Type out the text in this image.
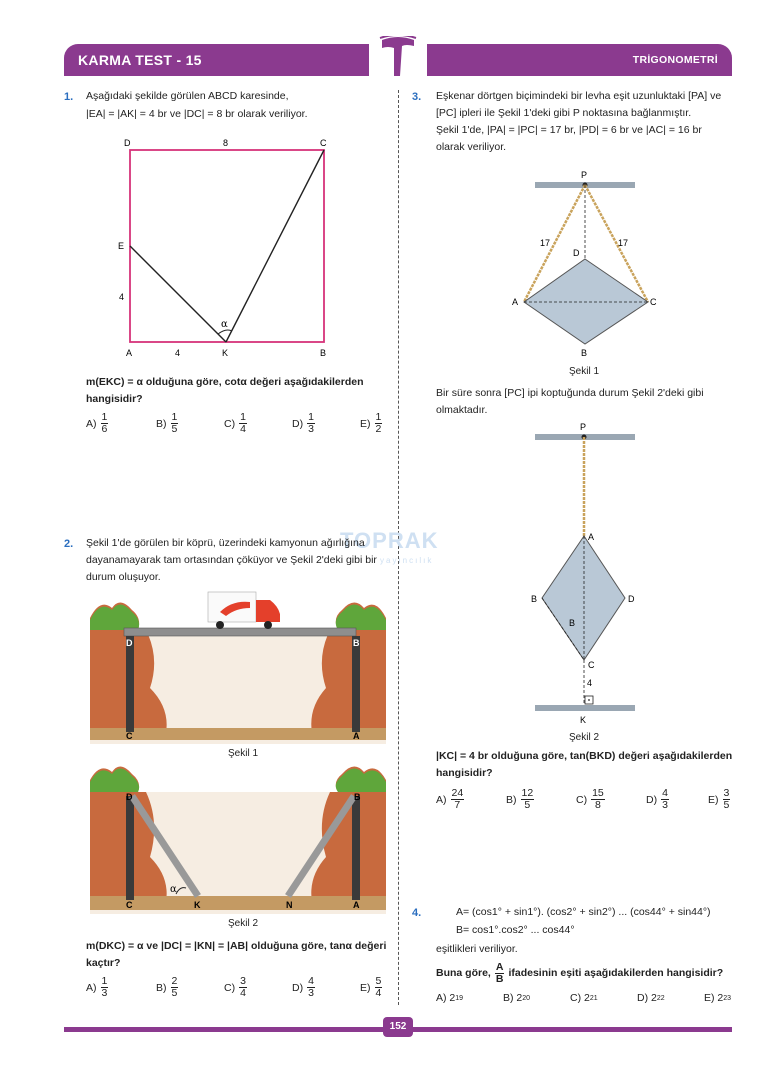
KARMA TEST - 15	TRİGONOMETRİ
TOPRAK
yayıncılık
1. Aşağıdaki şekilde görülen ABCD karesinde,
|EA| = |AK| = 4 br ve |DC| = 8 br olarak veriliyor.
D	C
8
E
4
A	4	K	B
α
m(EKC) = α olduğuna göre, cotα değeri aşağıdakilerden hangisidir?
$A) \frac{1}{6}$	$B) \frac{1}{5}$	$C) \frac{1}{4}$	$D) \frac{1}{3}$	$E) \frac{1}{2}$
2. Şekil 1'de görülen bir köprü, üzerindeki kamyonun ağırlığına dayanamayarak tam ortasından çöküyor ve Şekil 2'deki gibi bir durum oluşuyor.
D	B
C	A
Şekil 1
α
D	B
C	K	N	A
Şekil 2
m(DKC) = α ve |DC| = |KN| = |AB| olduğuna göre, tanα değeri kaçtır?
$A) \frac{1}{3}$	$B) \frac{2}{5}$	$C) \frac{3}{4}$	$D) \frac{4}{3}$	$E) \frac{5}{4}$
3. Eşkenar dörtgen biçimindeki bir levha eşit uzunluktaki [PA] ve [PC] ipleri ile Şekil 1'deki gibi P noktasına bağlanmıştır.
Şekil 1'de, |PA| = |PC| = 17 br, |PD| = 6 br ve |AC| = 16 br olarak veriliyor.
P
17	17
D
A	C
B
Şekil 1
Bir süre sonra [PC] ipi koptuğunda durum Şekil 2'deki gibi olmaktadır.
P
A
B	D
B
C
4
K
Şekil 2
|KC| = 4 br olduğuna göre, tan(BKD) değeri aşağıdakilerden hangisidir?
$A) \frac{24}{7}$	$B) \frac{12}{5}$	$C) \frac{15}{8}$	$D) \frac{4}{3}$	$E) \frac{3}{5}$
4.	A= (cos1° + sin1°). (cos2° + sin2°) ... (cos44° + sin44°)
B= cos1°.cos2° ... cos44°
eşitlikleri veriliyor.
Buna göre, $\frac{A}{B}$ ifadesinin eşiti aşağıdakilerden hangisidir?
A)
2 19	B)
2 20	C)
2 21	D)
2 22	E)
2 23
152
